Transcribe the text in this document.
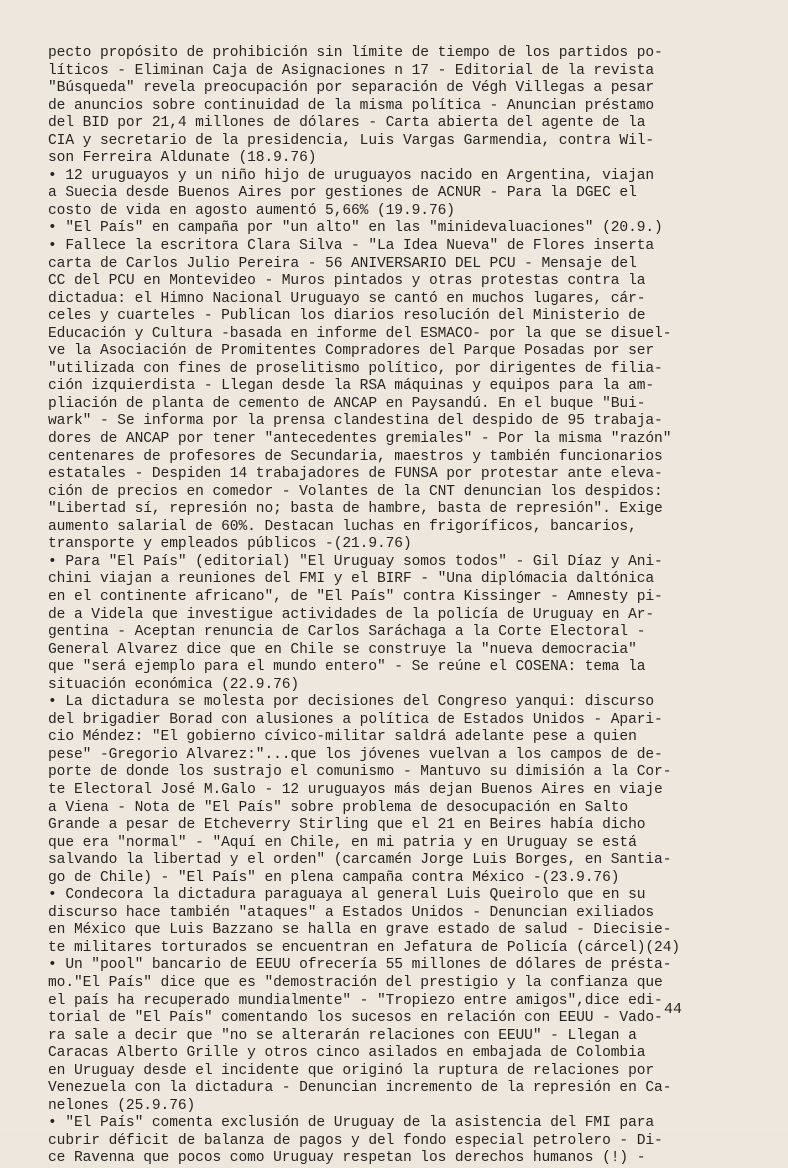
pecto propósito de prohibición sin límite de tiempo de los partidos po-
líticos - Eliminan Caja de Asignaciones n 17 - Editorial de la revista
"Búsqueda" revela preocupación por separación de Végh Villegas a pesar
de anuncios sobre continuidad de la misma política - Anuncian préstamo
del BID por 21,4 millones de dólares - Carta abierta del agente de la
CIA y secretario de la presidencia, Luis Vargas Garmendia, contra Wil-
son Ferreira Aldunate (18.9.76)
• 12 uruguayos y un niño hijo de uruguayos nacido en Argentina, viajan
a Suecia desde Buenos Aires por gestiones de ACNUR - Para la DGEC el
costo de vida en agosto aumentó 5,66% (19.9.76)
• "El País" en campaña por "un alto" en las "minidevaluaciones" (20.9.)
• Fallece la escritora Clara Silva - "La Idea Nueva" de Flores inserta
carta de Carlos Julio Pereira - 56 ANIVERSARIO DEL PCU - Mensaje del
CC del PCU en Montevideo - Muros pintados y otras protestas contra la
dictadua: el Himno Nacional Uruguayo se cantó en muchos lugares, cár-
celes y cuarteles - Publican los diarios resolución del Ministerio de
Educación y Cultura -basada en informe del ESMACO- por la que se disuel-
ve la Asociación de Promitentes Compradores del Parque Posadas por ser
"utilizada con fines de proselitismo político, por dirigentes de filia-
ción izquierdista - Llegan desde la RSA máquinas y equipos para la am-
pliación de planta de cemento de ANCAP en Paysandú. En el buque "Bui-
wark" - Se informa por la prensa clandestina del despido de 95 trabaja-
dores de ANCAP por tener "antecedentes gremiales" - Por la misma "razón"
centenares de profesores de Secundaria, maestros y también funcionarios
estatales - Despiden 14 trabajadores de FUNSA por protestar ante eleva-
ción de precios en comedor - Volantes de la CNT denuncian los despidos:
"Libertad sí, represión no; basta de hambre, basta de represión". Exige
aumento salarial de 60%. Destacan luchas en frigoríficos, bancarios,
transporte y empleados públicos -(21.9.76)
• Para "El País" (editorial) "El Uruguay somos todos" - Gil Díaz y Ani-
chini viajan a reuniones del FMI y el BIRF - "Una diplómacia daltónica
en el continente africano", de "El País" contra Kissinger - Amnesty pi-
de a Videla que investigue actividades de la policía de Uruguay en Ar-
gentina - Aceptan renuncia de Carlos Saráchaga a la Corte Electoral -
General Alvarez dice que en Chile se construye la "nueva democracia"
que "será ejemplo para el mundo entero" - Se reúne el COSENA: tema la
situación económica (22.9.76)
• La dictadura se molesta por decisiones del Congreso yanqui: discurso
del brigadier Borad con alusiones a política de Estados Unidos - Apari-
cio Méndez: "El gobierno cívico-militar saldrá adelante pese a quien
pese" -Gregorio Alvarez:"...que los jóvenes vuelvan a los campos de de-
porte de donde los sustrajo el comunismo - Mantuvo su dimisión a la Cor-
te Electoral José M.Galo - 12 uruguayos más dejan Buenos Aires en viaje
a Viena - Nota de "El País" sobre problema de desocupación en Salto
Grande a pesar de Etcheverry Stirling que el 21 en Beires había dicho
que era "normal" - "Aquí en Chile, en mi patria y en Uruguay se está
salvando la libertad y el orden" (carcamén Jorge Luis Borges, en Santia-
go de Chile) - "El País" en plena campaña contra México -(23.9.76)
• Condecora la dictadura paraguaya al general Luis Queirolo que en su
discurso hace también "ataques" a Estados Unidos - Denuncian exiliados
en México que Luis Bazzano se halla en grave estado de salud - Diecisie-
te militares torturados se encuentran en Jefatura de Policía (cárcel)(24)
• Un "pool" bancario de EEUU ofrecería 55 millones de dólares de présta-
mo."El País" dice que es "demostración del prestigio y la confianza que
el país ha recuperado mundialmente" - "Tropiezo entre amigos",dice edi-
torial de "El País" comentando los sucesos en relación con EEUU - Vado-
ra sale a decir que "no se alterarán relaciones con EEUU" - Llegan a
Caracas Alberto Grille y otros cinco asilados en embajada de Colombia
en Uruguay desde el incidente que originó la ruptura de relaciones por
Venezuela con la dictadura - Denuncian incremento de la represión en Ca-
nelones (25.9.76)
• "El País" comenta exclusión de Uruguay de la asistencia del FMI para
cubrir déficit de balanza de pagos y del fondo especial petrolero - Di-
ce Ravenna que pocos como Uruguay respetan los derechos humanos (!) -
44
